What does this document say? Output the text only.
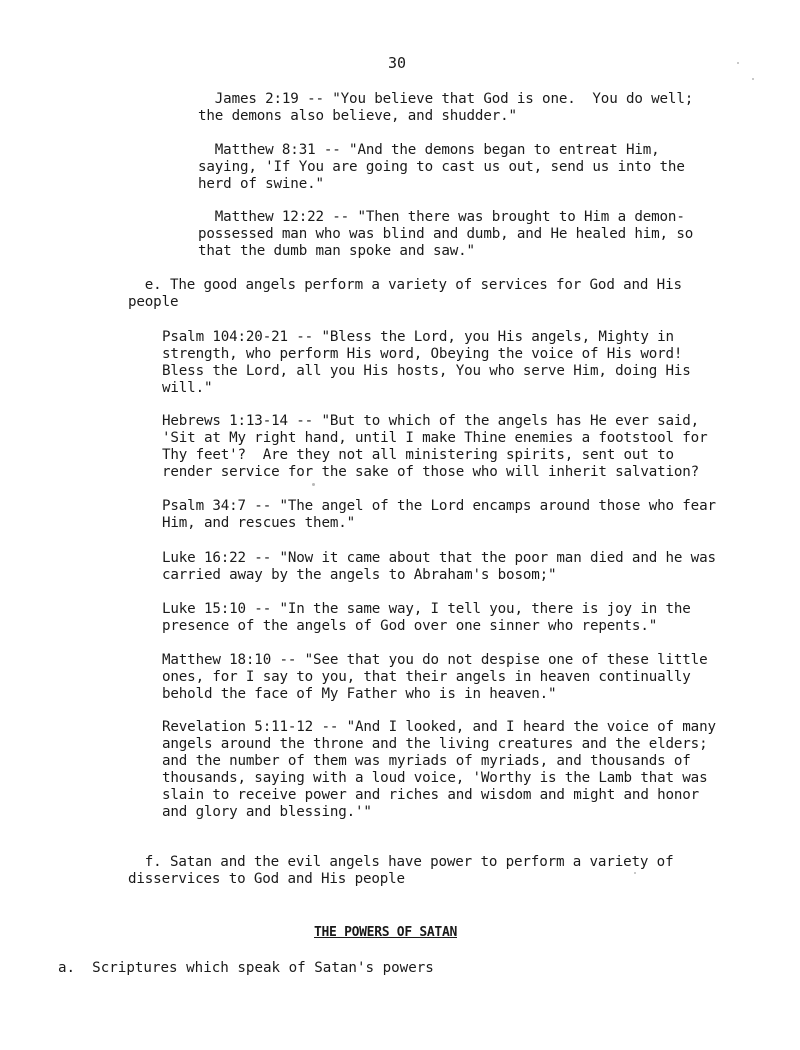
30
James 2:19 -- "You believe that God is one.  You do well;
the demons also believe, and shudder."
Matthew 8:31 -- "And the demons began to entreat Him,
saying, 'If You are going to cast us out, send us into the
herd of swine."
Matthew 12:22 -- "Then there was brought to Him a demon-
possessed man who was blind and dumb, and He healed him, so
that the dumb man spoke and saw."
e. The good angels perform a variety of services for God and His
people
Psalm 104:20-21 -- "Bless the Lord, you His angels, Mighty in
strength, who perform His word, Obeying the voice of His word!
Bless the Lord, all you His hosts, You who serve Him, doing His
will."
Hebrews 1:13-14 -- "But to which of the angels has He ever said,
'Sit at My right hand, until I make Thine enemies a footstool for
Thy feet'?  Are they not all ministering spirits, sent out to
render service for the sake of those who will inherit salvation?
Psalm 34:7 -- "The angel of the Lord encamps around those who fear
Him, and rescues them."
Luke 16:22 -- "Now it came about that the poor man died and he was
carried away by the angels to Abraham's bosom;"
Luke 15:10 -- "In the same way, I tell you, there is joy in the
presence of the angels of God over one sinner who repents."
Matthew 18:10 -- "See that you do not despise one of these little
ones, for I say to you, that their angels in heaven continually
behold the face of My Father who is in heaven."
Revelation 5:11-12 -- "And I looked, and I heard the voice of many
angels around the throne and the living creatures and the elders;
and the number of them was myriads of myriads, and thousands of
thousands, saying with a loud voice, 'Worthy is the Lamb that was
slain to receive power and riches and wisdom and might and honor
and glory and blessing.'"
f. Satan and the evil angels have power to perform a variety of
disservices to God and His people
THE POWERS OF SATAN
a.  Scriptures which speak of Satan's powers
